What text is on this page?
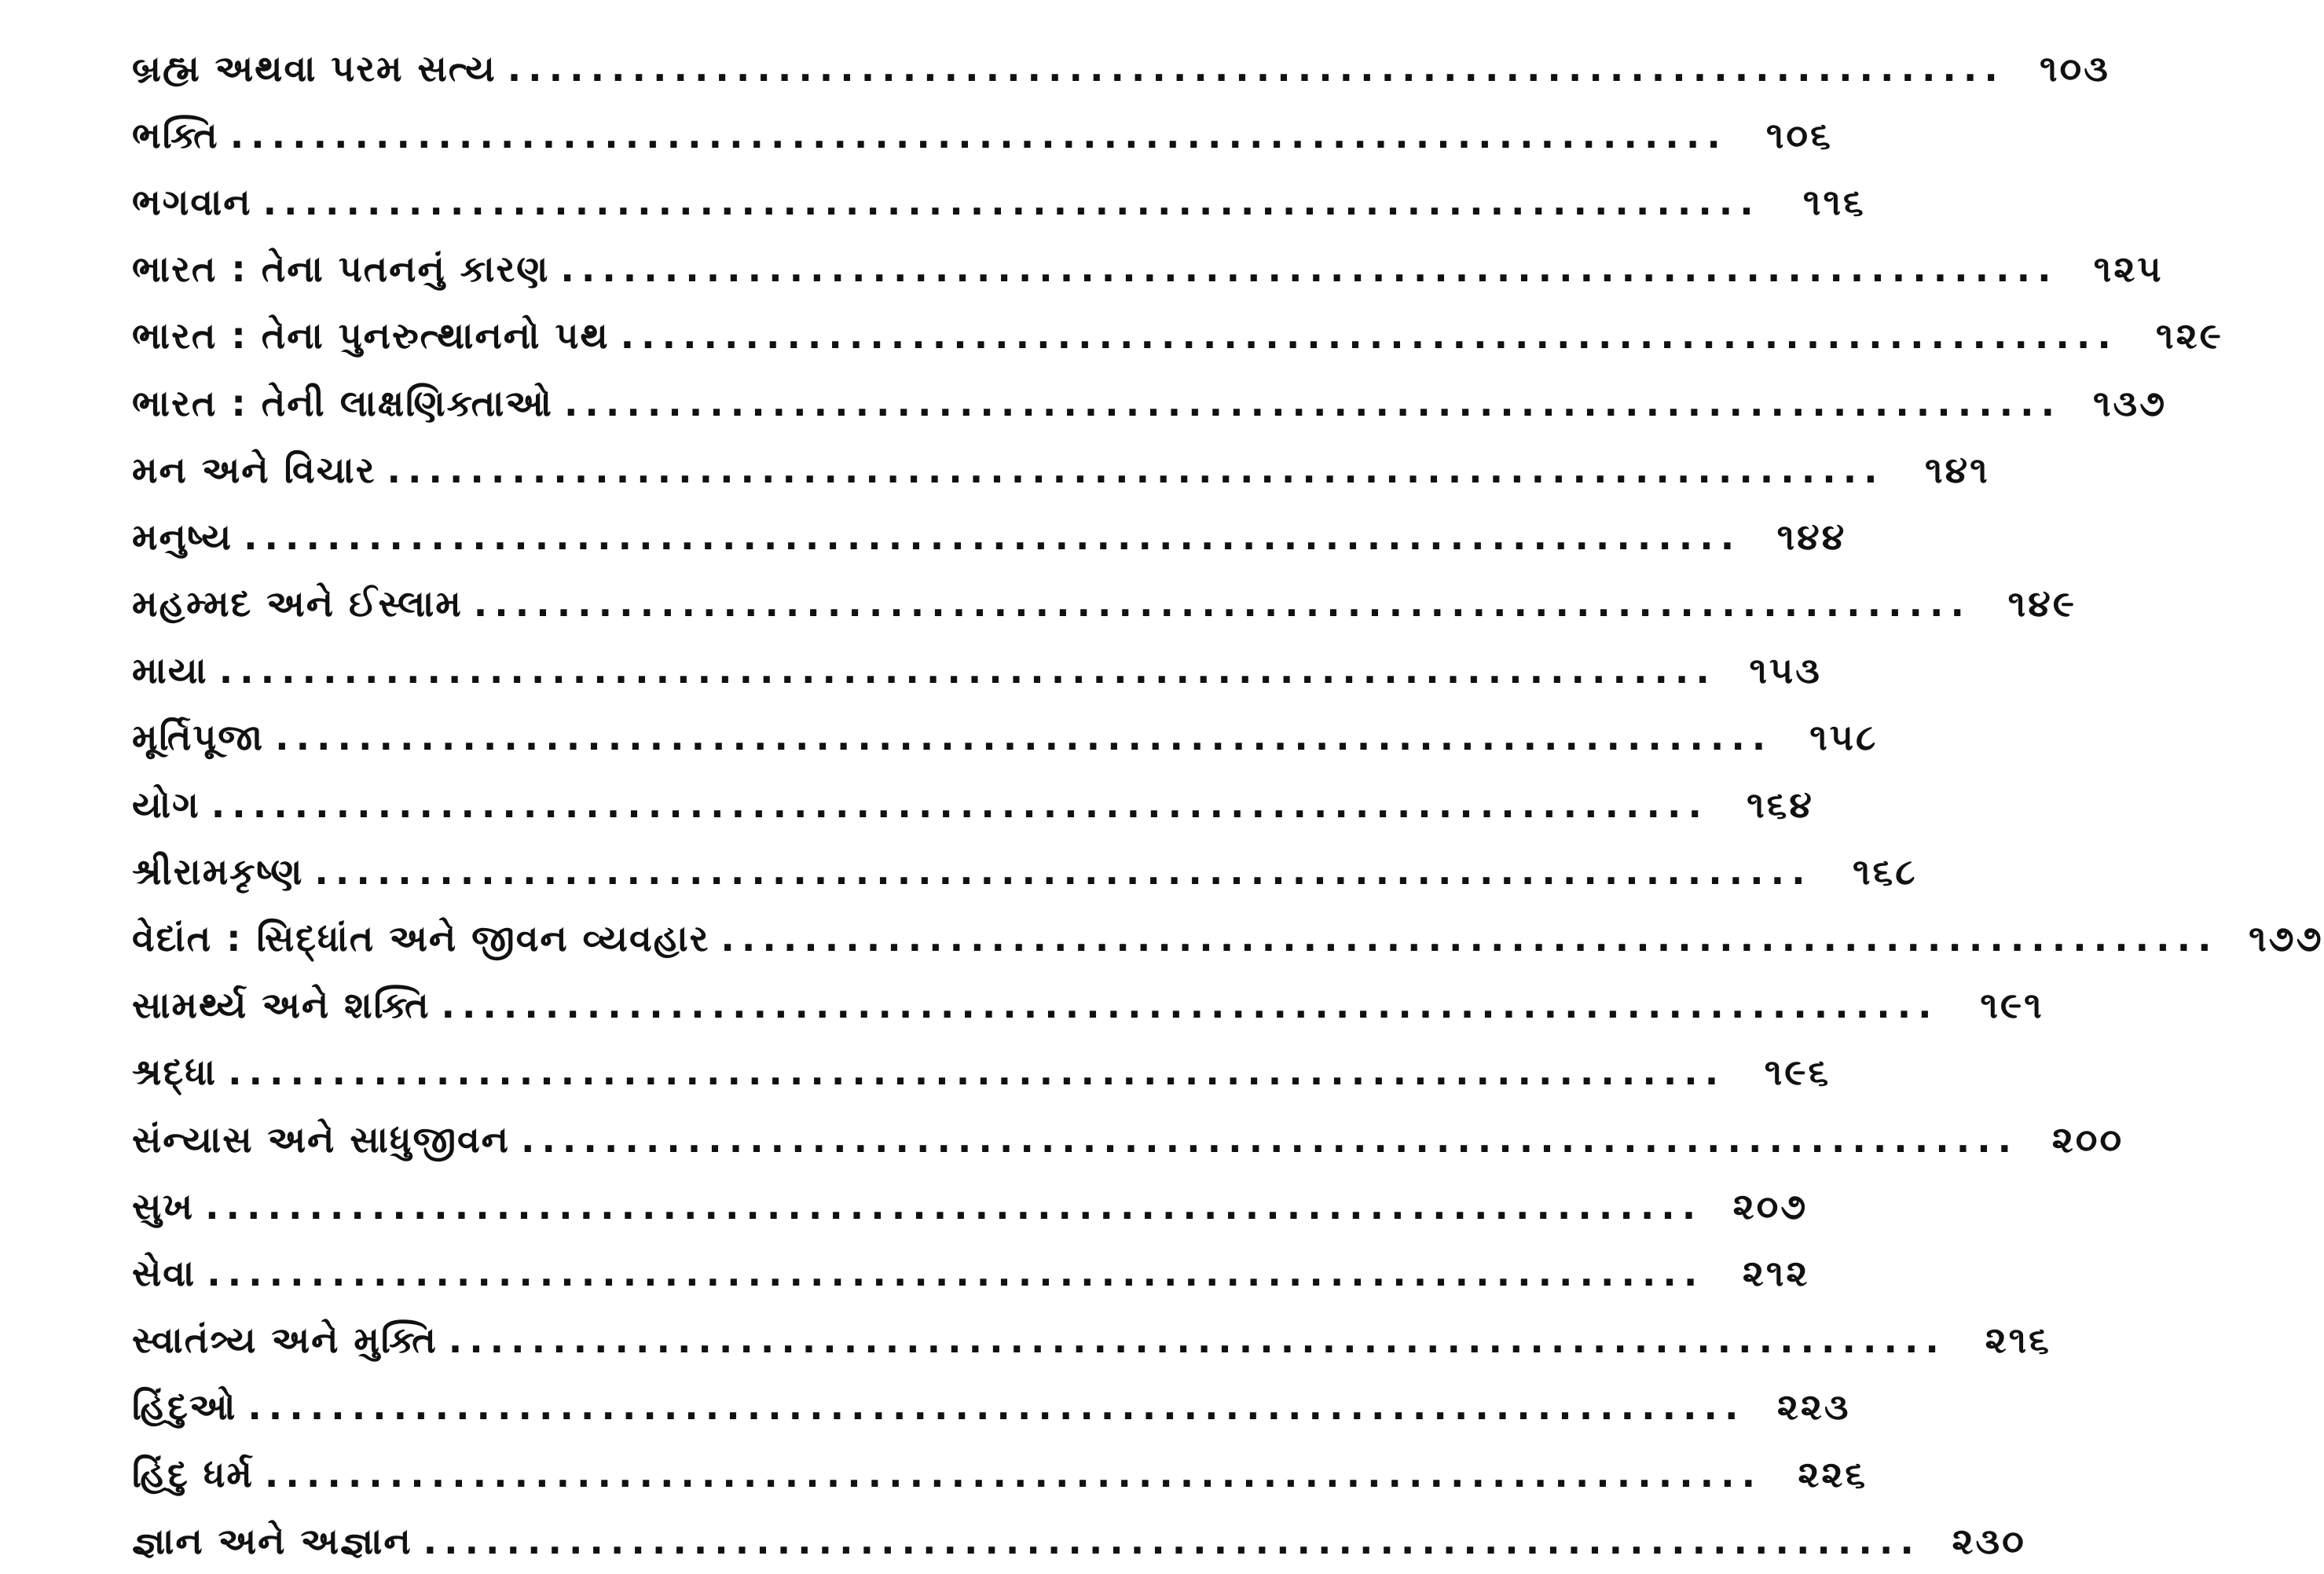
બ્રહ્મ અથવા પરમ સત્ય ........................................................................ ૧૦૩
ભક્તિ ........................................................................	૧૦૬
ભગવાન ........................................................................	૧૧૬
ભારત : તેના પતનનું કારણ ........................................................................ ૧૨૫
ભારત : તેના પુનરુત્થાનનો પથ ........................................................................	૧૨૯
ભારત : તેની લાક્ષણિક્તાઓ ........................................................................ ૧૩૭
મન અને વિચાર ........................................................................	૧૪૧
મનુષ્ય ........................................................................ ૧૪૪
મહમ્મદ અને ઈસ્લામ ........................................................................	૧૪૯
માયા ........................................................................ ૧૫૩
મૂર્તિપૂજા ........................................................................	૧૫૮
યોગ ........................................................................	૧૬૪
શ્રીરામકૃષ્ણ ........................................................................	૧૬૮
વેદાંત : સિદ્ધાંત અને જીવન વ્યવહાર ........................................................................ ૧૭૭
સામર્થ્ય અને શક્તિ ........................................................................	૧૯૧
શ્રદ્ધા ........................................................................	૧૯૬
સંન્યાસ અને સાધુજીવન ........................................................................ ૨૦૦
સુખ ........................................................................ ૨૦૭
સેવા ........................................................................	૨૧૨
સ્વાતંત્ર્ય અને મુક્તિ ........................................................................	૨૧૬
હિંદુઓ ........................................................................ ૨૨૩
હિંદુ ધર્મ ........................................................................ ૨૨૬
જ્ઞાન અને અજ્ઞાન ........................................................................ ૨૩૦
